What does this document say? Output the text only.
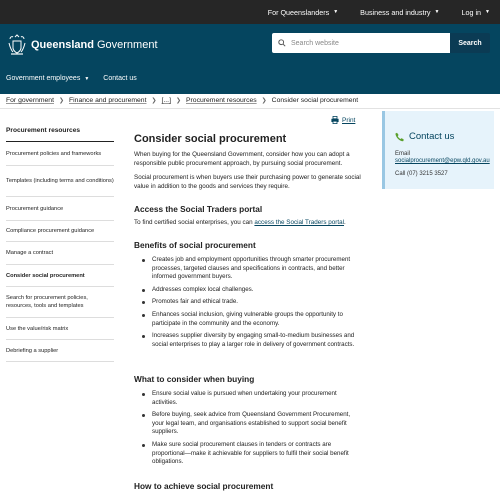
For Queenslanders ▼	Business and industry ▼	Log in ▼
Queensland Government	Search website	Search
Government employees ▼ Contact us
For government ❯ Finance and procurement ❯ [...] ❯ Procurement resources ❯ Consider social procurement
Procurement resources
Procurement policies and frameworks
Templates (including terms and conditions)
Procurement guidance
Compliance procurement guidance
Manage a contract
Consider social procurement
Search for procurement policies, resources, tools and templates
Use the value/risk matrix
Debriefing a supplier
Print
Consider social procurement

When buying for the Queensland Government, consider how you can adopt a responsible public procurement approach, by pursuing social procurement.

Social procurement is when buyers use their purchasing power to generate social value in addition to the goods and services they require.

Access the Social Traders portal

To find certified social enterprises, you can access the Social Traders portal.

Benefits of social procurement
Creates job and employment opportunities through smarter procurement processes, targeted clauses and specifications in contracts, and better informed government buyers.
Addresses complex local challenges.
Promotes fair and ethical trade.
Enhances social inclusion, giving vulnerable groups the opportunity to participate in the community and the economy.
Increases supplier diversity by engaging small-to-medium businesses and social enterprises to play a larger role in delivery of government contracts.
What to consider when buying
Ensure social value is pursued when undertaking your procurement activities.
Before buying, seek advice from Queensland Government Procurement, your legal team, and organisations established to support social benefit suppliers.
Make sure social procurement clauses in tenders or contracts are proportional—make it achievable for suppliers to fulfil their social benefit obligations.
How to achieve social procurement
Contact us
Email
socialprocurement@epw.qld.gov.au
Call (07) 3215 3527
